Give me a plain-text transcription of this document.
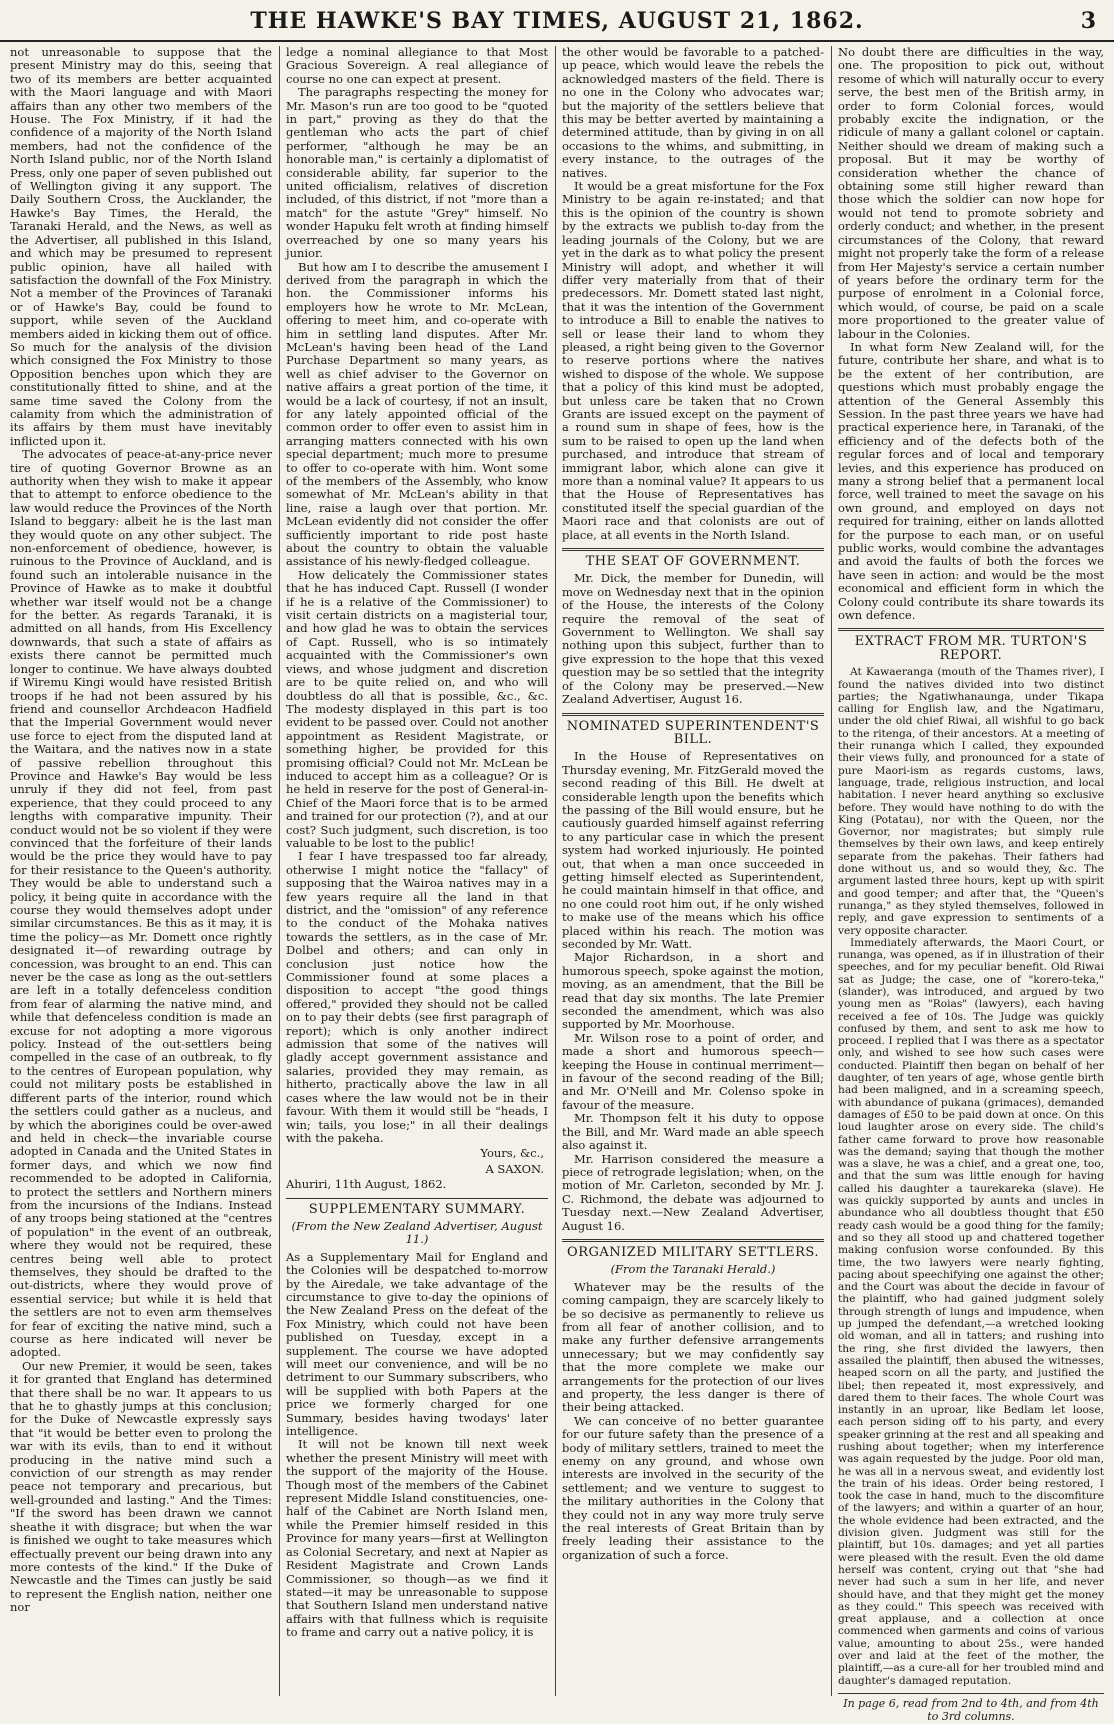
THE HAWKE'S BAY TIMES, AUGUST 21, 1862.	3

not unreasonable to suppose that the present Ministry may do this, seeing that two of its members are better acquainted with the Maori language and with Maori affairs than any other two members of the House. The Fox Ministry, if it had the confidence of a majority of the North Island members, had not the confidence of the North Island public, nor of the North Island Press, only one paper of seven published out of Wellington giving it any support. The Daily Southern Cross, the Aucklander, the Hawke's Bay Times, the Herald, the Taranaki Herald, and the News, as well as the Advertiser, all published in this Island, and which may be presumed to represent public opinion, have all hailed with satisfaction the downfall of the Fox Ministry. Not a member of the Provinces of Taranaki or of Hawke's Bay, could be found to support, while seven of the Auckland members aided in kicking them out of office. So much for the analysis of the division which consigned the Fox Ministry to those Opposition benches upon which they are constitutionally fitted to shine, and at the same time saved the Colony from the calamity from which the administration of its affairs by them must have inevitably inflicted upon it.

The advocates of peace-at-any-price never tire of quoting Governor Browne as an authority when they wish to make it appear that to attempt to enforce obedience to the law would reduce the Provinces of the North Island to beggary: albeit he is the last man they would quote on any other subject. The non-enforcement of obedience, however, is ruinous to the Province of Auckland, and is found such an intolerable nuisance in the Province of Hawke as to make it doubtful whether war itself would not be a change for the better. As regards Taranaki, it is admitted on all hands, from His Excellency downwards, that such a state of affairs as exists there cannot be permitted much longer to continue. We have always doubted if Wiremu Kingi would have resisted British troops if he had not been assured by his friend and counsellor Archdeacon Hadfield that the Imperial Government would never use force to eject from the disputed land at the Waitara, and the natives now in a state of passive rebellion throughout this Province and Hawke's Bay would be less unruly if they did not feel, from past experience, that they could proceed to any lengths with comparative impunity. Their conduct would not be so violent if they were convinced that the forfeiture of their lands would be the price they would have to pay for their resistance to the Queen's authority. They would be able to understand such a policy, it being quite in accordance with the course they would themselves adopt under similar circumstances. Be this as it may, it is time the policy—as Mr. Domett once rightly designated it—of rewarding outrage by concession, was brought to an end. This can never be the case as long as the out-settlers are left in a totally defenceless condition from fear of alarming the native mind, and while that defenceless condition is made an excuse for not adopting a more vigorous policy. Instead of the out-settlers being compelled in the case of an outbreak, to fly to the centres of European population, why could not military posts be established in different parts of the interior, round which the settlers could gather as a nucleus, and by which the aborigines could be over-awed and held in check—the invariable course adopted in Canada and the United States in former days, and which we now find recommended to be adopted in California, to protect the settlers and Northern miners from the incursions of the Indians. Instead of any troops being stationed at the "centres of population" in the event of an outbreak, where they would not be required, these centres being well able to protect themselves, they should be drafted to the out-districts, where they would prove of essential service; but while it is held that the settlers are not to even arm themselves for fear of exciting the native mind, such a course as here indicated will never be adopted.

Our new Premier, it would be seen, takes it for granted that England has determined that there shall be no war. It appears to us that he to ghastly jumps at this conclusion; for the Duke of Newcastle expressly says that "it would be better even to prolong the war with its evils, than to end it without producing in the native mind such a conviction of our strength as may render peace not temporary and precarious, but well-grounded and lasting." And the Times: "If the sword has been drawn we cannot sheathe it with disgrace; but when the war is finished we ought to take measures which effectually prevent our being drawn into any more contests of the kind." If the Duke of Newcastle and the Times can justly be said to represent the English nation, neither one nor

ledge a nominal allegiance to that Most Gracious Sovereign. A real allegiance of course no one can expect at present.

The paragraphs respecting the money for Mr. Mason's run are too good to be "quoted in part," proving as they do that the gentleman who acts the part of chief performer, "although he may be an honorable man," is certainly a diplomatist of considerable ability, far superior to the united officialism, relatives of discretion included, of this district, if not "more than a match" for the astute "Grey" himself. No wonder Hapuku felt wroth at finding himself overreached by one so many years his junior.

But how am I to describe the amusement I derived from the paragraph in which the hon. the Commissioner informs his employers how he wrote to Mr. McLean, offering to meet him, and co-operate with him in settling land disputes. After Mr. McLean's having been head of the Land Purchase Department so many years, as well as chief adviser to the Governor on native affairs a great portion of the time, it would be a lack of courtesy, if not an insult, for any lately appointed official of the common order to offer even to assist him in arranging matters connected with his own special department; much more to presume to offer to co-operate with him. Wont some of the members of the Assembly, who know somewhat of Mr. McLean's ability in that line, raise a laugh over that portion. Mr. McLean evidently did not consider the offer sufficiently important to ride post haste about the country to obtain the valuable assistance of his newly-fledged colleague.

How delicately the Commissioner states that he has induced Capt. Russell (I wonder if he is a relative of the Commissioner) to visit certain districts on a magisterial tour, and how glad he was to obtain the services of Capt. Russell, who is so intimately acquainted with the Commissioner's own views, and whose judgment and discretion are to be quite relied on, and who will doubtless do all that is possible, &c., &c. The modesty displayed in this part is too evident to be passed over. Could not another appointment as Resident Magistrate, or something higher, be provided for this promising official? Could not Mr. McLean be induced to accept him as a colleague? Or is he held in reserve for the post of General-in-Chief of the Maori force that is to be armed and trained for our protection (?), and at our cost? Such judgment, such discretion, is too valuable to be lost to the public!

I fear I have trespassed too far already, otherwise I might notice the "fallacy" of supposing that the Wairoa natives may in a few years require all the land in that district, and the "omission" of any reference to the conduct of the Mohaka natives towards the settlers, as in the case of Mr. Dolbel and others; and can only in conclusion just notice how the Commissioner found at some places a disposition to accept "the good things offered," provided they should not be called on to pay their debts (see first paragraph of report); which is only another indirect admission that some of the natives will gladly accept government assistance and salaries, provided they may remain, as hitherto, practically above the law in all cases where the law would not be in their favour. With them it would still be "heads, I win; tails, you lose;" in all their dealings with the pakeha.

Yours, &c.,
A SAXON.
Ahuriri, 11th August, 1862.
SUPPLEMENTARY SUMMARY.
(From the New Zealand Advertiser, August 11.)

As a Supplementary Mail for England and the Colonies will be despatched to-morrow by the Airedale, we take advantage of the circumstance to give to-day the opinions of the New Zealand Press on the defeat of the Fox Ministry, which could not have been published on Tuesday, except in a supplement. The course we have adopted will meet our convenience, and will be no detriment to our Summary subscribers, who will be supplied with both Papers at the price we formerly charged for one Summary, besides having twodays' later intelligence.

It will not be known till next week whether the present Ministry will meet with the support of the majority of the House. Though most of the members of the Cabinet represent Middle Island constituencies, one-half of the Cabinet are North Island men, while the Premier himself resided in this Province for many years—first at Wellington as Colonial Secretary, and next at Napier as Resident Magistrate and Crown Lands Commissioner, so though—as we find it stated—it may be unreasonable to suppose that Southern Island men understand native affairs with that fullness which is requisite to frame and carry out a native policy, it is

the other would be favorable to a patched-up peace, which would leave the rebels the acknowledged masters of the field. There is no one in the Colony who advocates war; but the majority of the settlers believe that this may be better averted by maintaining a determined attitude, than by giving in on all occasions to the whims, and submitting, in every instance, to the outrages of the natives.

It would be a great misfortune for the Fox Ministry to be again re-instated; and that this is the opinion of the country is shown by the extracts we publish to-day from the leading journals of the Colony, but we are yet in the dark as to what policy the present Ministry will adopt, and whether it will differ very materially from that of their predecessors. Mr. Domett stated last night, that it was the intention of the Government to introduce a Bill to enable the natives to sell or lease their land to whom they pleased, a right being given to the Governor to reserve portions where the natives wished to dispose of the whole. We suppose that a policy of this kind must be adopted, but unless care be taken that no Crown Grants are issued except on the payment of a round sum in shape of fees, how is the sum to be raised to open up the land when purchased, and introduce that stream of immigrant labor, which alone can give it more than a nominal value? It appears to us that the House of Representatives has constituted itself the special guardian of the Maori race and that colonists are out of place, at all events in the North Island.

THE SEAT OF GOVERNMENT.

Mr. Dick, the member for Dunedin, will move on Wednesday next that in the opinion of the House, the interests of the Colony require the removal of the seat of Government to Wellington. We shall say nothing upon this subject, further than to give expression to the hope that this vexed question may be so settled that the integrity of the Colony may be preserved.—New Zealand Advertiser, August 16.

NOMINATED SUPERINTENDENT'S BILL.

In the House of Representatives on Thursday evening, Mr. FitzGerald moved the second reading of this Bill. He dwelt at considerable length upon the benefits which the passing of the Bill would ensure, but he cautiously guarded himself against referring to any particular case in which the present system had worked injuriously. He pointed out, that when a man once succeeded in getting himself elected as Superintendent, he could maintain himself in that office, and no one could root him out, if he only wished to make use of the means which his office placed within his reach. The motion was seconded by Mr. Watt.

Major Richardson, in a short and humorous speech, spoke against the motion, moving, as an amendment, that the Bill be read that day six months. The late Premier seconded the amendment, which was also supported by Mr. Moorhouse.

Mr. Wilson rose to a point of order, and made a short and humorous speech—keeping the House in continual merriment—in favour of the second reading of the Bill; and Mr. O'Neill and Mr. Colenso spoke in favour of the measure.

Mr. Thompson felt it his duty to oppose the Bill, and Mr. Ward made an able speech also against it.

Mr. Harrison considered the measure a piece of retrograde legislation; when, on the motion of Mr. Carleton, seconded by Mr. J. C. Richmond, the debate was adjourned to Tuesday next.—New Zealand Advertiser, August 16.

ORGANIZED MILITARY SETTLERS.
(From the Taranaki Herald.)

Whatever may be the results of the coming campaign, they are scarcely likely to be so decisive as permanently to relieve us from all fear of another collision, and to make any further defensive arrangements unnecessary; but we may confidently say that the more complete we make our arrangements for the protection of our lives and property, the less danger is there of their being attacked.

We can conceive of no better guarantee for our future safety than the presence of a body of military settlers, trained to meet the enemy on any ground, and whose own interests are involved in the security of the settlement; and we venture to suggest to the military authorities in the Colony that they could not in any way more truly serve the real interests of Great Britain than by freely leading their assistance to the organization of such a force.

No doubt there are difficulties in the way, one. The proposition to pick out, without resome of which will naturally occur to every serve, the best men of the British army, in order to form Colonial forces, would probably excite the indignation, or the ridicule of many a gallant colonel or captain. Neither should we dream of making such a proposal. But it may be worthy of consideration whether the chance of obtaining some still higher reward than those which the soldier can now hope for would not tend to promote sobriety and orderly conduct; and whether, in the present circumstances of the Colony, that reward might not properly take the form of a release from Her Majesty's service a certain number of years before the ordinary term for the purpose of enrolment in a Colonial force, which would, of course, be paid on a scale more proportioned to the greater value of labour in the Colonies.

In what form New Zealand will, for the future, contribute her share, and what is to be the extent of her contribution, are questions which must probably engage the attention of the General Assembly this Session. In the past three years we have had practical experience here, in Taranaki, of the efficiency and of the defects both of the regular forces and of local and temporary levies, and this experience has produced on many a strong belief that a permanent local force, well trained to meet the savage on his own ground, and employed on days not required for training, either on lands allotted for the purpose to each man, or on useful public works, would combine the advantages and avoid the faults of both the forces we have seen in action: and would be the most economical and efficient form in which the Colony could contribute its share towards its own defence.

EXTRACT FROM MR. TURTON'S REPORT.

At Kawaeranga (mouth of the Thames river), I found the natives divided into two distinct parties; the Ngatiwhanaunga, under Tikapa calling for English law, and the Ngatimaru, under the old chief Riwai, all wishful to go back to the ritenga, of their ancestors. At a meeting of their runanga which I called, they expounded their views fully, and pronounced for a state of pure Maori-ism as regards customs, laws, language, trade, religious instruction, and local habitation. I never heard anything so exclusive before. They would have nothing to do with the King (Potatau), nor with the Queen, nor the Governor, nor magistrates; but simply rule themselves by their own laws, and keep entirely separate from the pakehas. Their fathers had done without us, and so would they, &c. The argument lasted three hours, kept up with spirit and good temper; and after that, the "Queen's runanga," as they styled themselves, followed in reply, and gave expression to sentiments of a very opposite character.

Immediately afterwards, the Maori Court, or runanga, was opened, as if in illustration of their speeches, and for my peculiar benefit. Old Riwai sat as Judge; the case, one of "korero-teka," (slander), was introduced, and argued by two young men as "Roias" (lawyers), each having received a fee of 10s. The Judge was quickly confused by them, and sent to ask me how to proceed. I replied that I was there as a spectator only, and wished to see how such cases were conducted. Plaintiff then began on behalf of her daughter, of ten years of age, whose gentle birth had been maligned, and in a screaming speech, with abundance of pukana (grimaces), demanded damages of £50 to be paid down at once. On this loud laughter arose on every side. The child's father came forward to prove how reasonable was the demand; saying that though the mother was a slave, he was a chief, and a great one, too, and that the sum was little enough for having called his daughter a taurekareka (slave). He was quickly supported by aunts and uncles in abundance who all doubtless thought that £50 ready cash would be a good thing for the family; and so they all stood up and chattered together making confusion worse confounded. By this time, the two lawyers were nearly fighting, pacing about speechifying one against the other; and the Court was about the decide in favour of the plaintiff, who had gained judgment solely through strength of lungs and impudence, when up jumped the defendant,—a wretched looking old woman, and all in tatters; and rushing into the ring, she first divided the lawyers, then assailed the plaintiff, then abused the witnesses, heaped scorn on all the party, and justified the libel; then repeated it, most expressively, and dared them to their faces. The whole Court was instantly in an uproar, like Bedlam let loose, each person siding off to his party, and every speaker grinning at the rest and all speaking and rushing about together; when my interference was again requested by the judge. Poor old man, he was all in a nervous sweat, and evidently lost the train of his ideas. Order being restored, I took the case in hand, much to the discomfiture of the lawyers; and within a quarter of an hour, the whole evidence had been extracted, and the division given. Judgment was still for the plaintiff, but 10s. damages; and yet all parties were pleased with the result. Even the old dame herself was content, crying out that "she had never had such a sum in her life, and never should have, and that they might get the money as they could." This speech was received with great applause, and a collection at once commenced when garments and coins of various value, amounting to about 25s., were handed over and laid at the feet of the mother, the plaintiff,—as a cure-all for her troubled mind and daughter's damaged reputation.

In page 6, read from 2nd to 4th, and from 4th to 3rd columns.
